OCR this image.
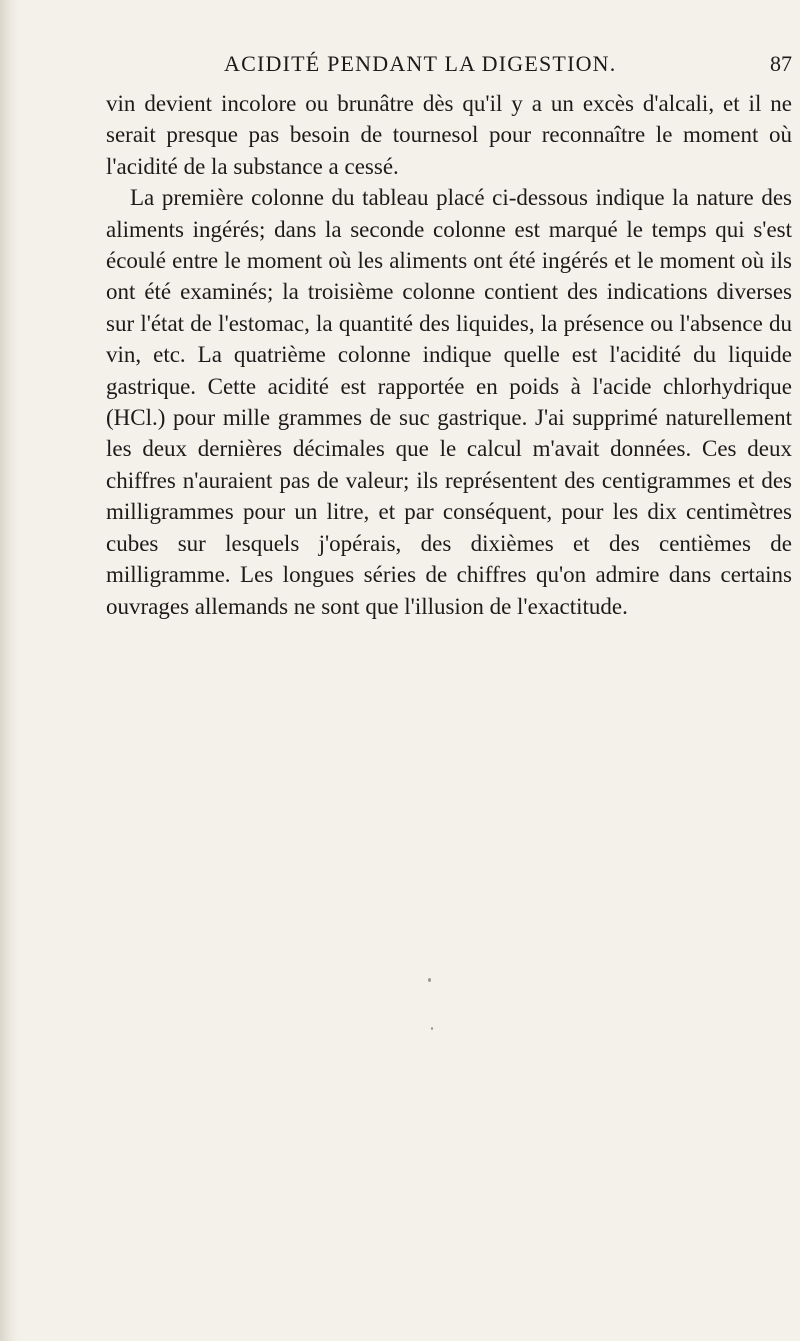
ACIDITÉ PENDANT LA DIGESTION.	87

vin devient incolore ou brunâtre dès qu'il y a un excès d'alcali, et il ne serait presque pas besoin de tournesol pour reconnaître le moment où l'acidité de la substance a cessé.

La première colonne du tableau placé ci-dessous indique la nature des aliments ingérés; dans la seconde colonne est marqué le temps qui s'est écoulé entre le moment où les aliments ont été ingérés et le moment où ils ont été examinés; la troisième colonne contient des indications diverses sur l'état de l'estomac, la quantité des liquides, la présence ou l'absence du vin, etc. La quatrième colonne indique quelle est l'acidité du liquide gastrique. Cette acidité est rapportée en poids à l'acide chlorhydrique (HCl.) pour mille grammes de suc gastrique. J'ai supprimé naturellement les deux dernières décimales que le calcul m'avait données. Ces deux chiffres n'auraient pas de valeur; ils représentent des centigrammes et des milligrammes pour un litre, et par conséquent, pour les dix centimètres cubes sur lesquels j'opérais, des dixièmes et des centièmes de milligramme. Les longues séries de chiffres qu'on admire dans certains ouvrages allemands ne sont que l'illusion de l'exactitude.
